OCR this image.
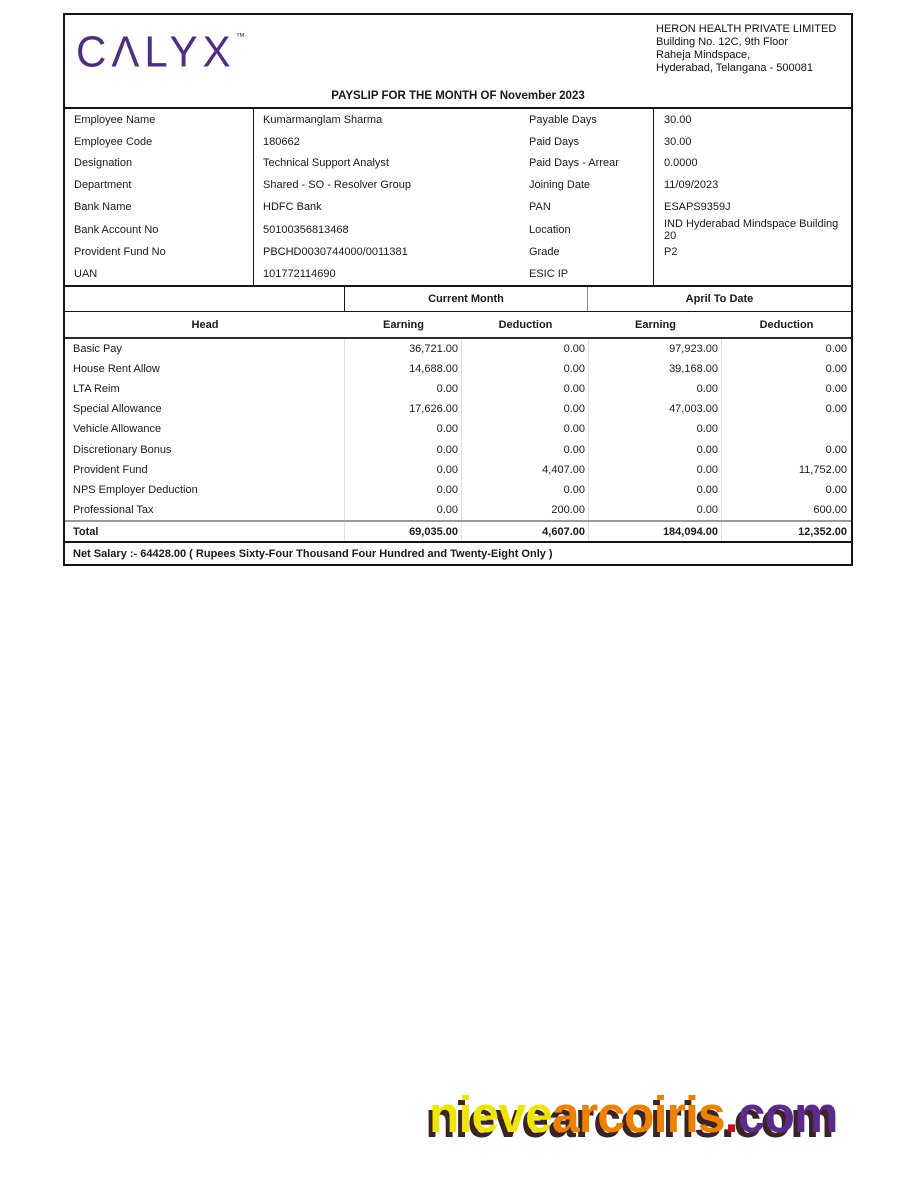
CΛLYX™
HERON HEALTH PRIVATE LIMITED
Building No. 12C, 9th Floor
Raheja Mindspace,
Hyderabad, Telangana - 500081
PAYSLIP FOR THE MONTH OF November 2023
Employee Name	Kumarmanglam Sharma	Payable Days	30.00
Employee Code	180662	Paid Days	30.00
Designation	Technical Support Analyst	Paid Days - Arrear	0.0000
Department	Shared - SO - Resolver Group	Joining Date	11/09/2023
Bank Name	HDFC Bank	PAN	ESAPS9359J
Bank Account No	50100356813468	Location	IND Hyderabad Mindspace Building 20
Provident Fund No	PBCHD0030744000/0011381	Grade	P2
UAN	101772114690	ESIC IP
Current Month	April To Date
Head	Earning	Deduction	Earning	Deduction
Basic Pay	36,721.00	0.00	97,923.00	0.00
House Rent Allow	14,688.00	0.00	39,168.00	0.00
LTA Reim	0.00	0.00	0.00	0.00
Special Allowance	17,626.00	0.00	47,003.00	0.00
Vehicle Allowance	0.00	0.00	0.00
Discretionary Bonus	0.00	0.00	0.00	0.00
Provident Fund	0.00	4,407.00	0.00	11,752.00
NPS Employer Deduction	0.00	0.00	0.00	0.00
Professional Tax	0.00	200.00	0.00	600.00
Total	69,035.00	4,607.00	184,094.00	12,352.00
Net Salary :- 64428.00 ( Rupees Sixty-Four Thousand Four Hundred and Twenty-Eight Only )
nievearcoiris.com
